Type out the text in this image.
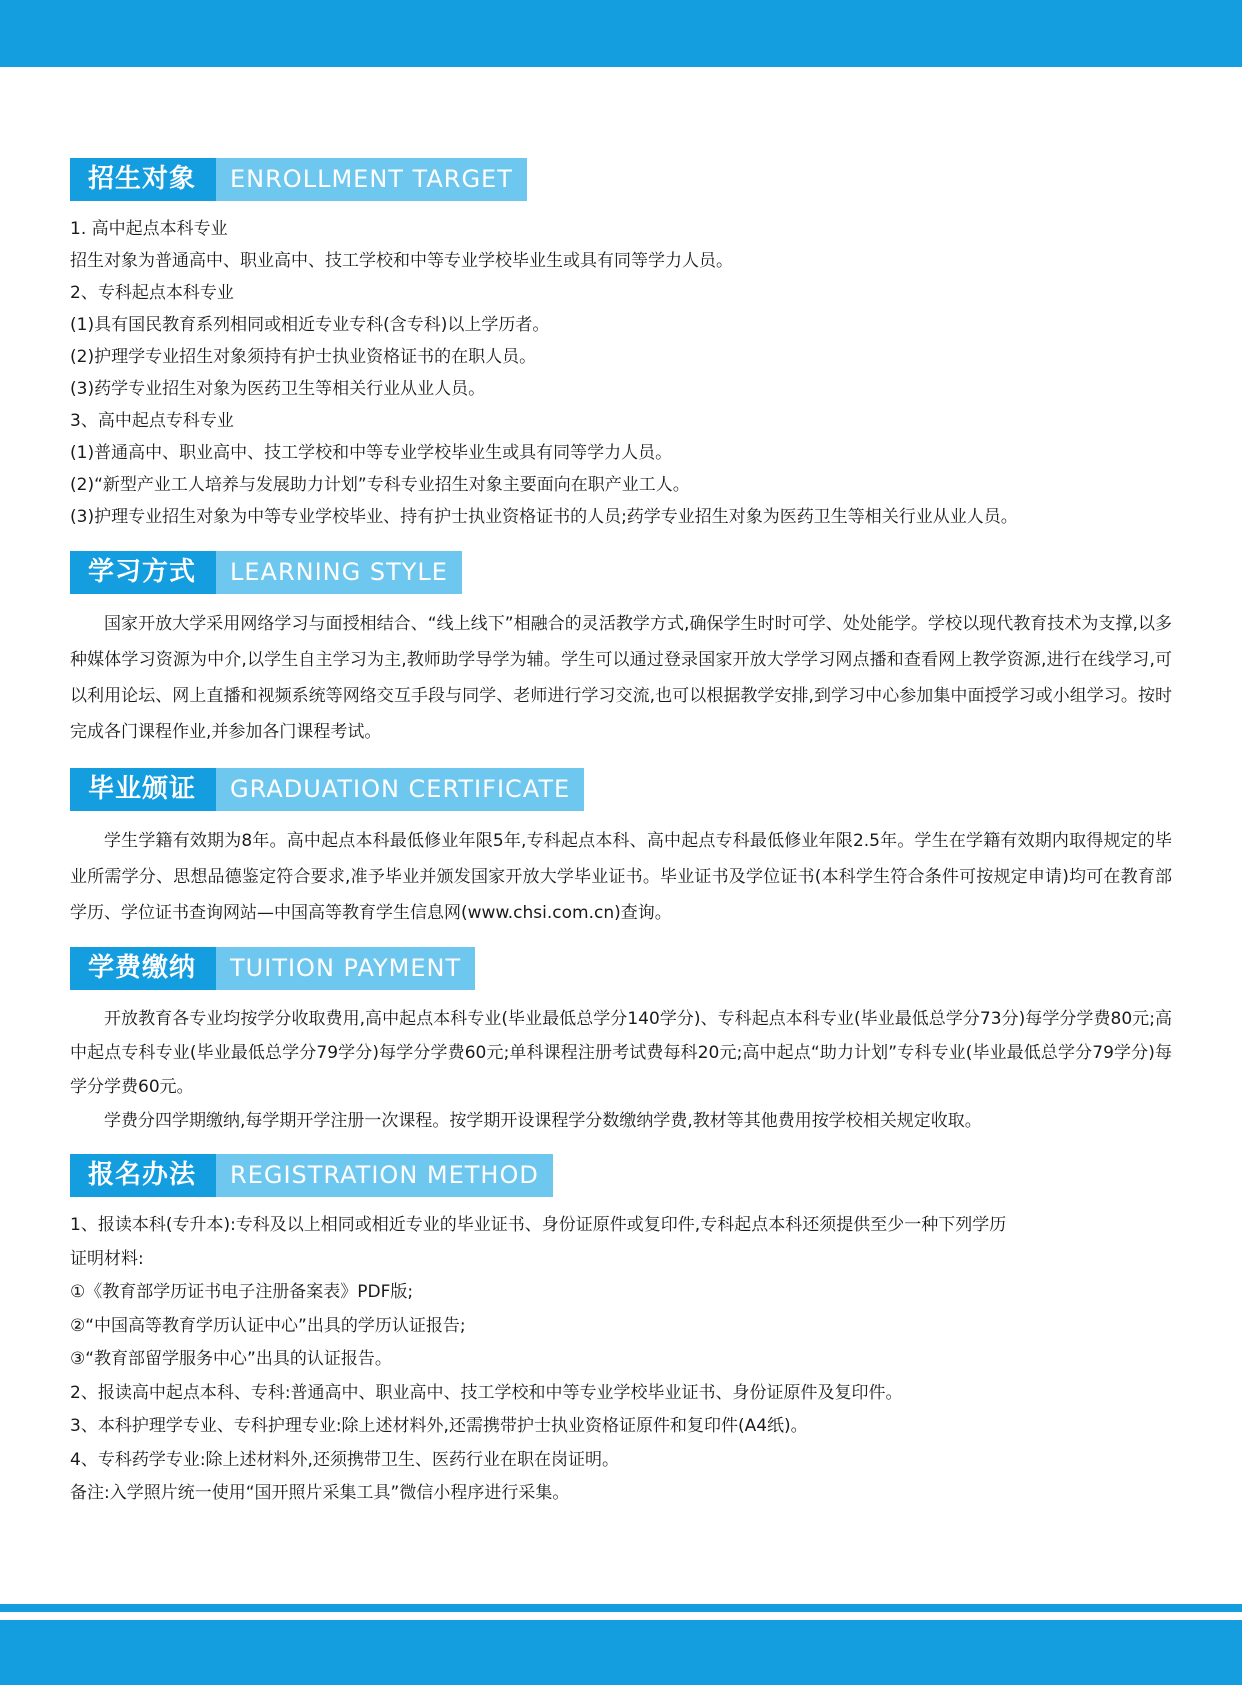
招生对象	ENROLLMENT TARGET

1. 高中起点本科专业

招生对象为普通高中、职业高中、技工学校和中等专业学校毕业生或具有同等学力人员。

2、专科起点本科专业

(1)具有国民教育系列相同或相近专业专科(含专科)以上学历者。

(2)护理学专业招生对象须持有护士执业资格证书的在职人员。

(3)药学专业招生对象为医药卫生等相关行业从业人员。

3、高中起点专科专业

(1)普通高中、职业高中、技工学校和中等专业学校毕业生或具有同等学力人员。

(2)“新型产业工人培养与发展助力计划”专科专业招生对象主要面向在职产业工人。

(3)护理专业招生对象为中等专业学校毕业、持有护士执业资格证书的人员;药学专业招生对象为医药卫生等相关行业从业人员。

学习方式	LEARNING STYLE

国家开放大学采用网络学习与面授相结合、“线上线下”相融合的灵活教学方式,确保学生时时可学、处处能学。学校以现代教育技术为支撑,以多种媒体学习资源为中介,以学生自主学习为主,教师助学导学为辅。学生可以通过登录国家开放大学学习网点播和查看网上教学资源,进行在线学习,可以利用论坛、网上直播和视频系统等网络交互手段与同学、老师进行学习交流,也可以根据教学安排,到学习中心参加集中面授学习或小组学习。按时完成各门课程作业,并参加各门课程考试。

毕业颁证	GRADUATION CERTIFICATE

学生学籍有效期为8年。高中起点本科最低修业年限5年,专科起点本科、高中起点专科最低修业年限2.5年。学生在学籍有效期内取得规定的毕业所需学分、思想品德鉴定符合要求,准予毕业并颁发国家开放大学毕业证书。毕业证书及学位证书(本科学生符合条件可按规定申请)均可在教育部学历、学位证书查询网站—中国高等教育学生信息网(www.chsi.com.cn)查询。

学费缴纳	TUITION PAYMENT

开放教育各专业均按学分收取费用,高中起点本科专业(毕业最低总学分140学分)、专科起点本科专业(毕业最低总学分73分)每学分学费80元;高中起点专科专业(毕业最低总学分79学分)每学分学费60元;单科课程注册考试费每科20元;高中起点“助力计划”专科专业(毕业最低总学分79学分)每学分学费60元。

学费分四学期缴纳,每学期开学注册一次课程。按学期开设课程学分数缴纳学费,教材等其他费用按学校相关规定收取。

报名办法	REGISTRATION METHOD

1、报读本科(专升本):专科及以上相同或相近专业的毕业证书、身份证原件或复印件,专科起点本科还须提供至少一种下列学历

证明材料:

①《教育部学历证书电子注册备案表》PDF版;

②“中国高等教育学历认证中心”出具的学历认证报告;

③“教育部留学服务中心”出具的认证报告。

2、报读高中起点本科、专科:普通高中、职业高中、技工学校和中等专业学校毕业证书、身份证原件及复印件。

3、本科护理学专业、专科护理专业:除上述材料外,还需携带护士执业资格证原件和复印件(A4纸)。

4、专科药学专业:除上述材料外,还须携带卫生、医药行业在职在岗证明。

备注:入学照片统一使用“国开照片采集工具”微信小程序进行采集。
